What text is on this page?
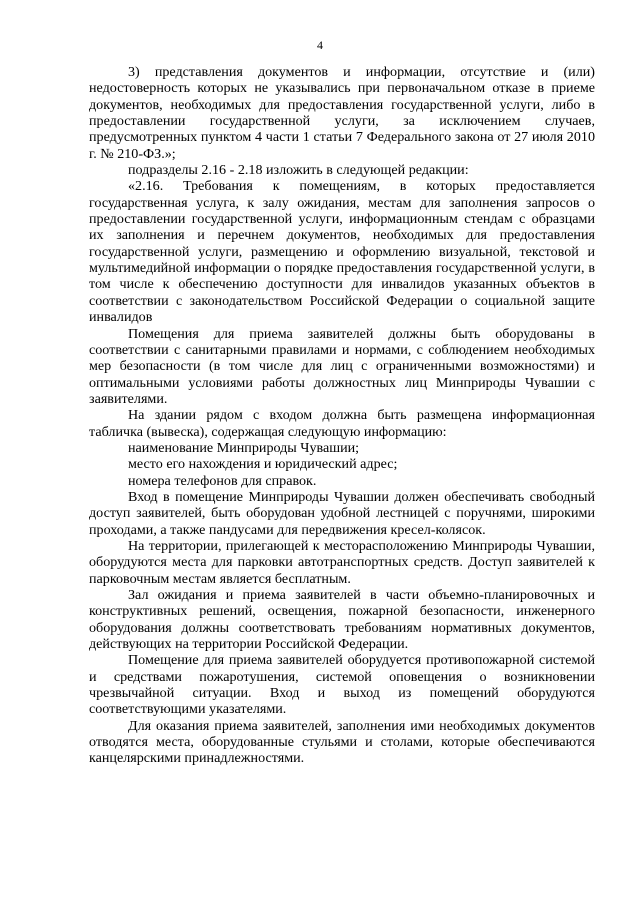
4

3) представления документов и информации, отсутствие и (или) недостоверность которых не указывались при первоначальном отказе в приеме документов, необходимых для предоставления государственной услуги, либо в предоставлении государственной услуги, за исключением случаев, предусмотренных пунктом 4 части 1 статьи 7 Федерального закона от 27 июля 2010 г. № 210-ФЗ.»;

подразделы 2.16 - 2.18 изложить в следующей редакции:

«2.16. Требования к помещениям, в которых предоставляется государственная услуга, к залу ожидания, местам для заполнения запросов о предоставлении государственной услуги, информационным стендам с образцами их заполнения и перечнем документов, необходимых для предоставления государственной услуги, размещению и оформлению визуальной, текстовой и мультимедийной информации о порядке предоставления государственной услуги, в том числе к обеспечению доступности для инвалидов указанных объектов в соответствии с законодательством Российской Федерации о социальной защите инвалидов

Помещения для приема заявителей должны быть оборудованы в соответствии с санитарными правилами и нормами, с соблюдением необходимых мер безопасности (в том числе для лиц с ограниченными возможностями) и оптимальными условиями работы должностных лиц Минприроды Чувашии с заявителями.

На здании рядом с входом должна быть размещена информационная табличка (вывеска), содержащая следующую информацию:

наименование Минприроды Чувашии;

место его нахождения и юридический адрес;

номера телефонов для справок.

Вход в помещение Минприроды Чувашии должен обеспечивать свободный доступ заявителей, быть оборудован удобной лестницей с поручнями, широкими проходами, а также пандусами для передвижения кресел-колясок.

На территории, прилегающей к месторасположению Минприроды Чувашии, оборудуются места для парковки автотранспортных средств. Доступ заявителей к парковочным местам является бесплатным.

Зал ожидания и приема заявителей в части объемно-планировочных и конструктивных решений, освещения, пожарной безопасности, инженерного оборудования должны соответствовать требованиям нормативных документов, действующих на территории Российской Федерации.

Помещение для приема заявителей оборудуется противопожарной системой и средствами пожаротушения, системой оповещения о возникновении чрезвычайной ситуации. Вход и выход из помещений оборудуются соответствующими указателями.

Для оказания приема заявителей, заполнения ими необходимых документов отводятся места, оборудованные стульями и столами, которые обеспечиваются канцелярскими принадлежностями.
